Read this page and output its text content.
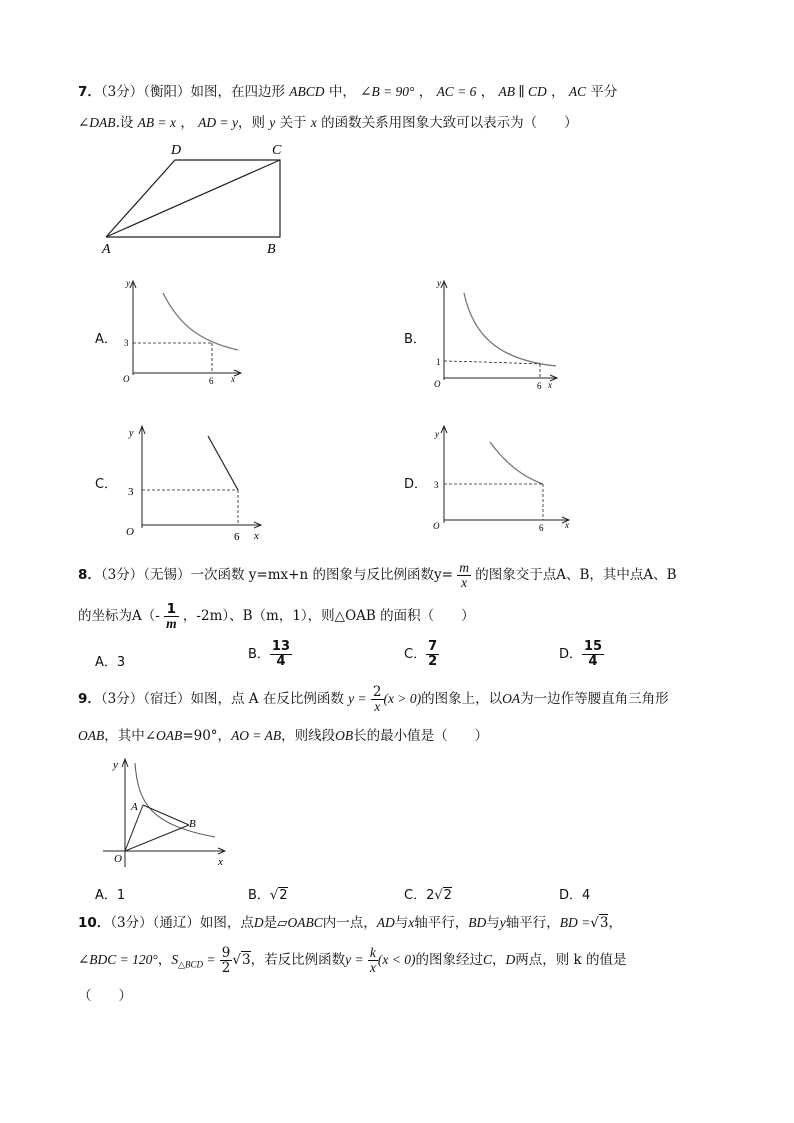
7．（3分）（衡阳）如图，在四边形 ABCD 中， ∠B = 90° ， AC = 6 ， AB ∥ CD ， AC 平分
∠DAB.设 AB = x ， AD = y，则 y 关于 x 的函数关系用图象大致可以表示为（　　）
A	B
C
D
A．
y
3
6
O	x
B．
y
1
6
O	x
C．
y
3
6
O	x
D．
y
3
6
O	x
8．（3分）（无锡）一次函数 y=mx+n 的图象与反比例函数$y= \frac{m}{x}$ 的图象交于点A、B，其中点A、B
的坐标为$A(- \frac{1}{m}$ ，-2m）、B（m，1），则△OAB 的面积（　　）
A．3
B． $\frac{13}{4}$	C． $\frac{7}{2}$	D． $\frac{15}{4}$
9．（3分）（宿迁）如图，点 A 在反比例函数 $y = \frac{2}{x} (x > 0)$的图象上，以OA为一边作等腰直角三角形
OAB，其中∠OAB=90°，AO = AB，则线段OB长的最小值是（　　）
y
A
B
O	x
A．1	B．√2	C．2√2	D．4
10．（3分）（通辽）如图，点D是▱OABC内一点，AD与x轴平行，BD与y轴平行，BD =√3，
∠BDC = 120°，$S_{\triangle BCD} = \frac{9}{2} √3$，若反比例函数$y = \frac{k}{x} (x < 0)$的图象经过C，D两点，则 k 的值是
（　　）
